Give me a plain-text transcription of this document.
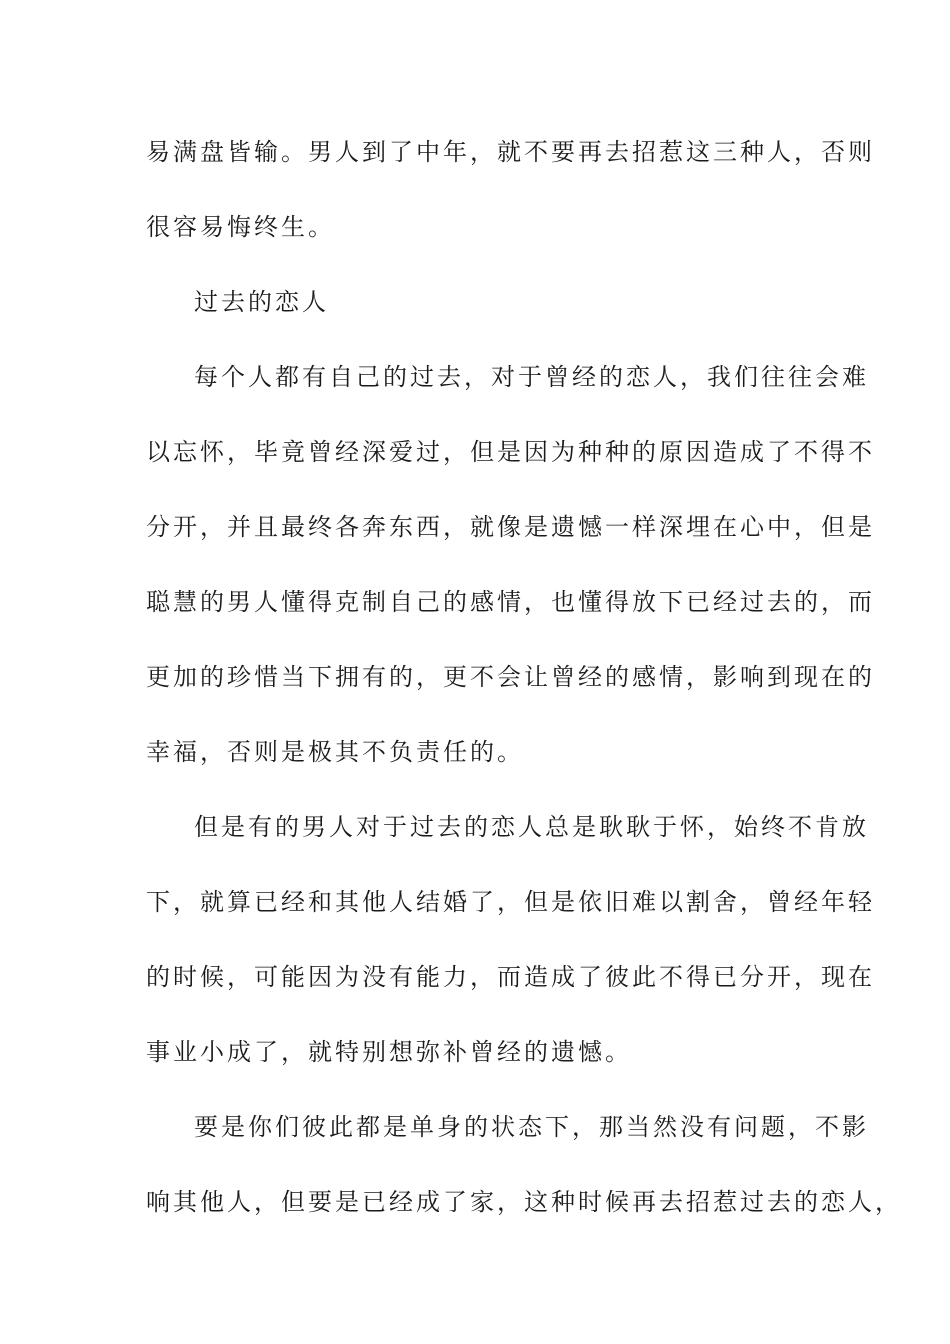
易满盘皆输。男人到了中年，就不要再去招惹这三种人，否则
很容易悔终生。
过去的恋人
每个人都有自己的过去，对于曾经的恋人，我们往往会难
以忘怀，毕竟曾经深爱过，但是因为种种的原因造成了不得不
分开，并且最终各奔东西，就像是遗憾一样深埋在心中，但是
聪慧的男人懂得克制自己的感情，也懂得放下已经过去的，而
更加的珍惜当下拥有的，更不会让曾经的感情，影响到现在的
幸福，否则是极其不负责任的。
但是有的男人对于过去的恋人总是耿耿于怀，始终不肯放
下，就算已经和其他人结婚了，但是依旧难以割舍，曾经年轻
的时候，可能因为没有能力，而造成了彼此不得已分开，现在
事业小成了，就特别想弥补曾经的遗憾。
要是你们彼此都是单身的状态下，那当然没有问题，不影
响其他人，但要是已经成了家，这种时候再去招惹过去的恋人，
